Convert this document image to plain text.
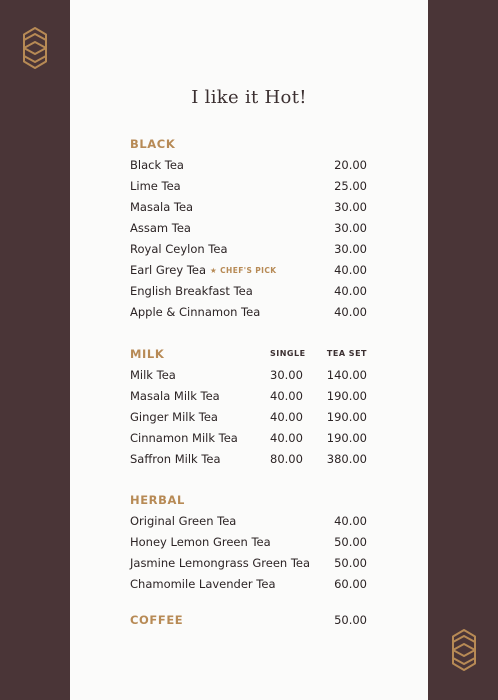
I like it Hot!
BLACK
Black Tea	20.00
Lime Tea	25.00
Masala Tea	30.00
Assam Tea	30.00
Royal Ceylon Tea	30.00
Earl Grey Tea ★ CHEF'S PICK	40.00
English Breakfast Tea	40.00
Apple & Cinnamon Tea	40.00
MILK	SINGLE	TEA SET
Milk Tea	30.00 140.00
Masala Milk Tea	40.00 190.00
Ginger Milk Tea	40.00 190.00
Cinnamon Milk Tea	40.00 190.00
Saffron Milk Tea	80.00 380.00
HERBAL
Original Green Tea	40.00
Honey Lemon Green Tea	50.00
Jasmine Lemongrass Green Tea	50.00
Chamomile Lavender Tea	60.00
COFFEE	50.00
